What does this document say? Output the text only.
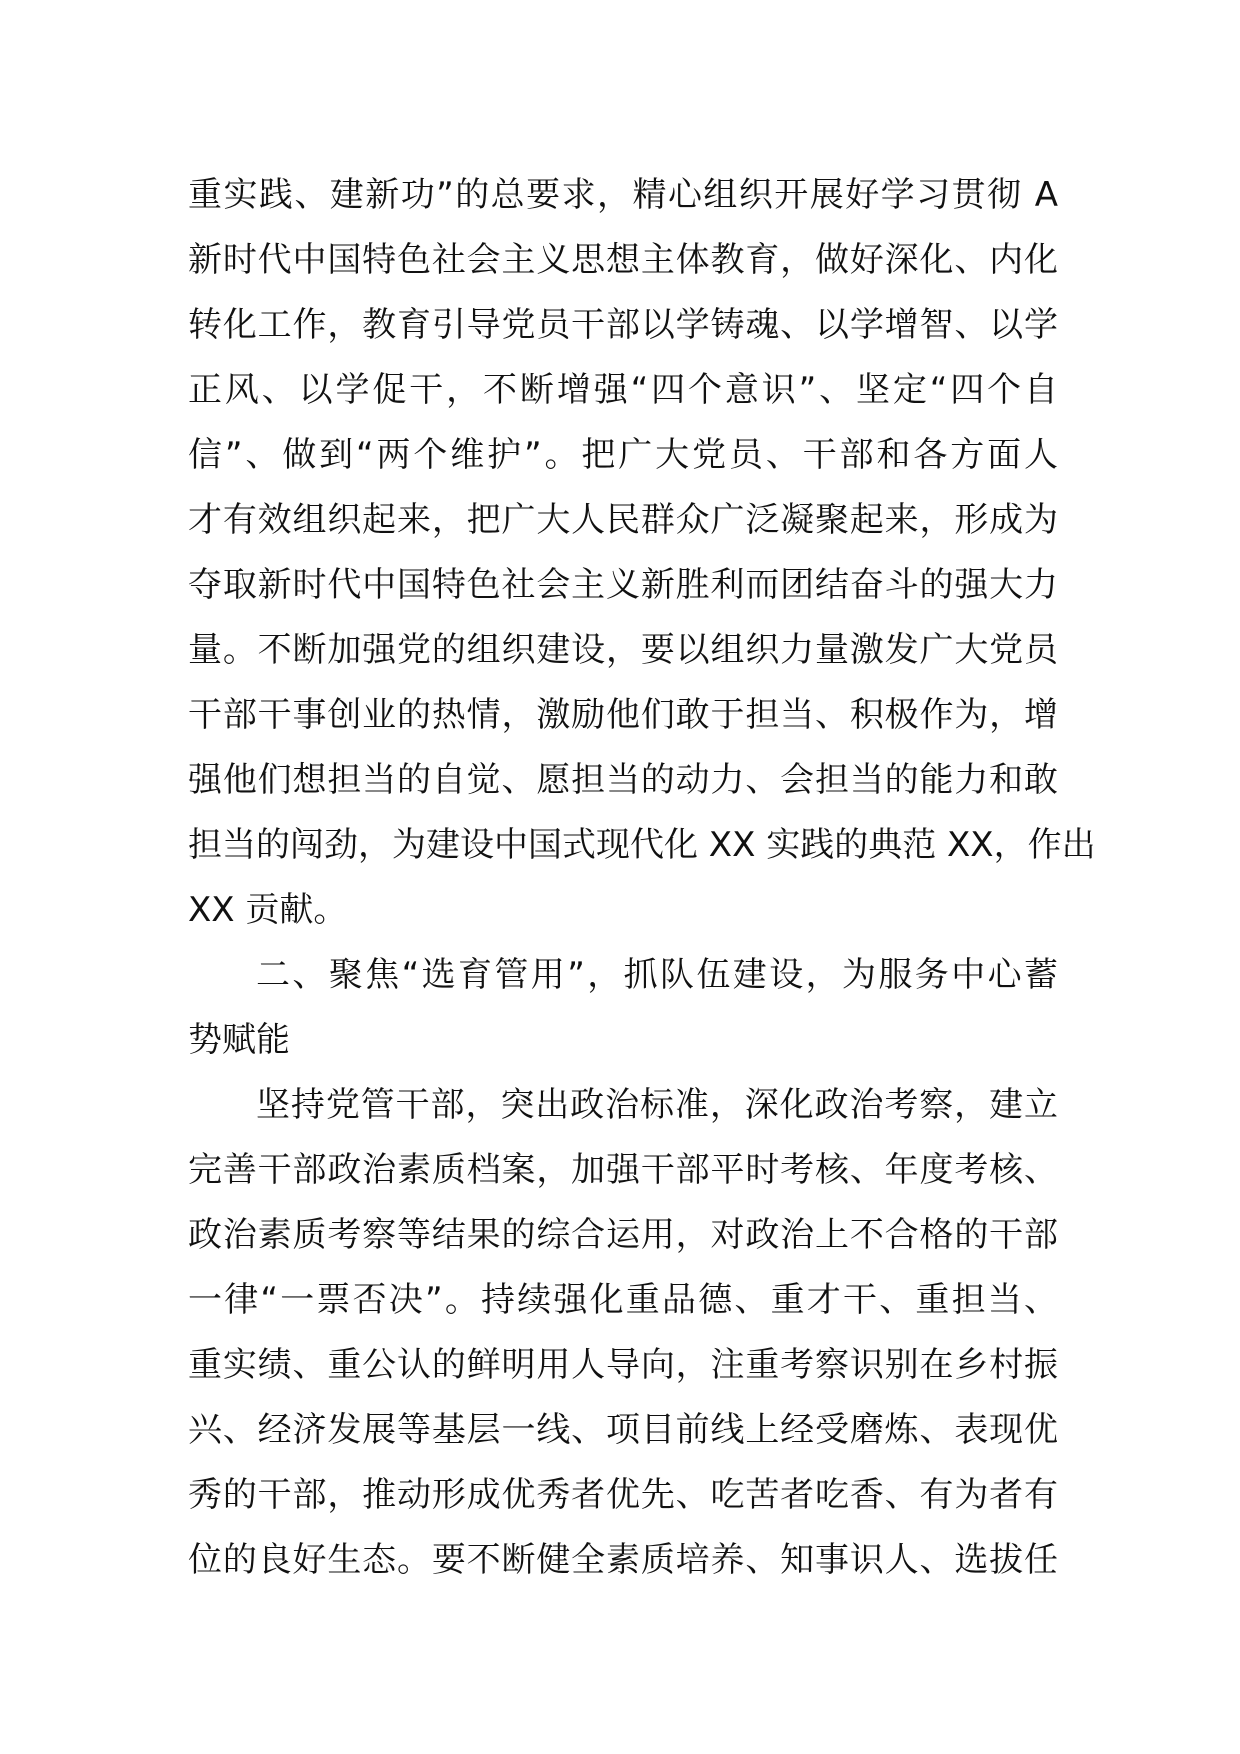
重实践、建新功”的总要求，精心组织开展好学习贯彻 A
新时代中国特色社会主义思想主体教育，做好深化、内化
转化工作，教育引导党员干部以学铸魂、以学增智、以学
正风、以学促干，不断增强“四个意识”、坚定“四个自
信”、做到“两个维护”。把广大党员、干部和各方面人
才有效组织起来，把广大人民群众广泛凝聚起来，形成为
夺取新时代中国特色社会主义新胜利而团结奋斗的强大力
量。不断加强党的组织建设，要以组织力量激发广大党员
干部干事创业的热情，激励他们敢于担当、积极作为，增
强他们想担当的自觉、愿担当的动力、会担当的能力和敢
担当的闯劲，为建设中国式现代化 XX 实践的典范 XX，作出
XX 贡献。
二、聚焦“选育管用”，抓队伍建设，为服务中心蓄
势赋能
坚持党管干部，突出政治标准，深化政治考察，建立
完善干部政治素质档案，加强干部平时考核、年度考核、
政治素质考察等结果的综合运用，对政治上不合格的干部
一律“一票否决”。持续强化重品德、重才干、重担当、
重实绩、重公认的鲜明用人导向，注重考察识别在乡村振
兴、经济发展等基层一线、项目前线上经受磨炼、表现优
秀的干部，推动形成优秀者优先、吃苦者吃香、有为者有
位的良好生态。要不断健全素质培养、知事识人、选拔任
